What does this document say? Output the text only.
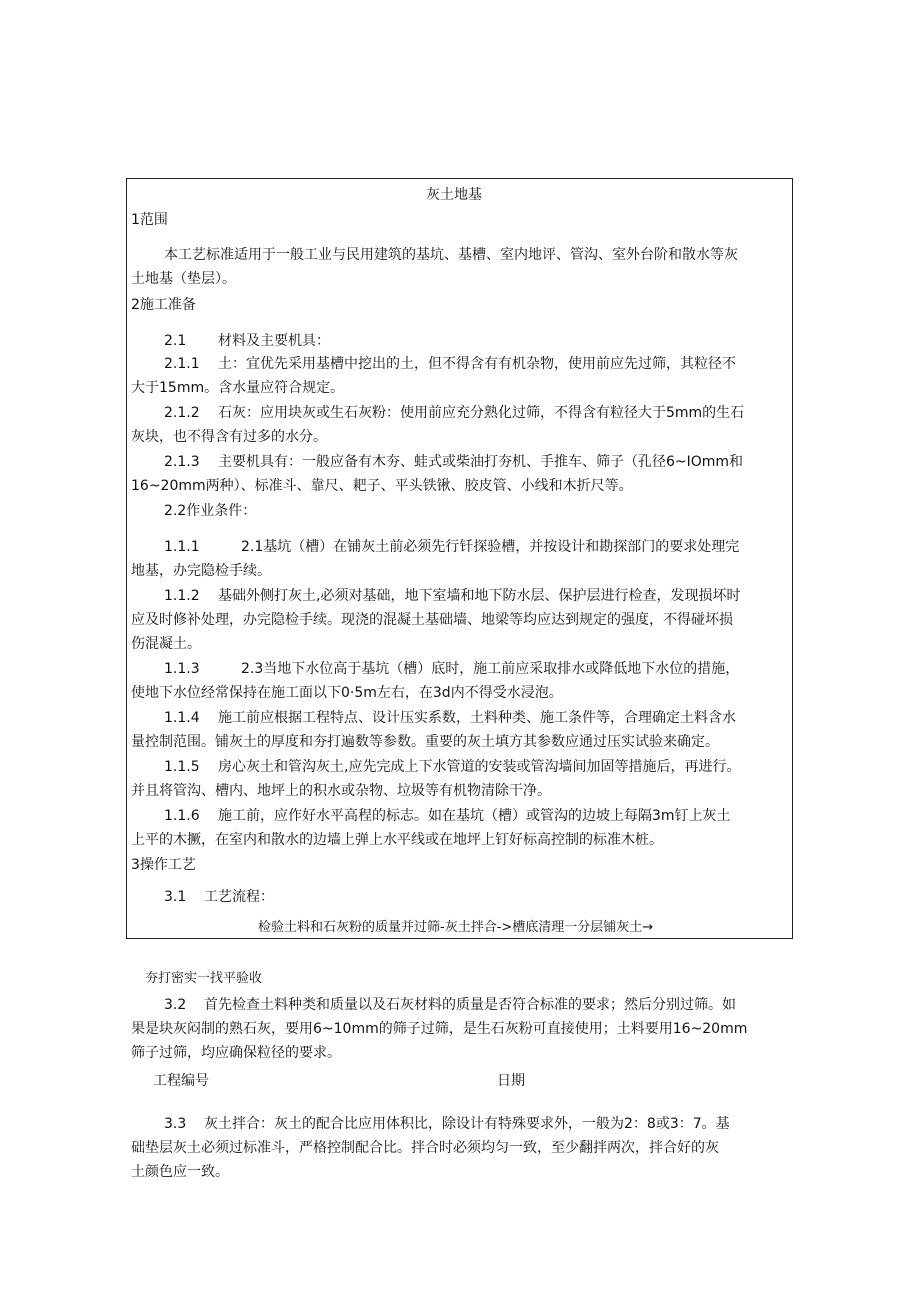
灰土地基
1范围
本工艺标准适用于一般工业与民用建筑的基坑、基槽、室内地评、管沟、室外台阶和散水等灰
土地基（垫层）。
2施工准备
2.1 材料及主要机具：
2.1.1 土：宜优先采用基槽中挖出的土，但不得含有有机杂物，使用前应先过筛，其粒径不
大于15mm。含水量应符合规定。
2.1.2 石灰：应用块灰或生石灰粉：使用前应充分熟化过筛，不得含有粒径大于5mm的生石
灰块，也不得含有过多的水分。
2.1.3 主要机具有：一般应备有木夯、蛙式或柴油打夯机、手推车、筛子（孔径6~IOmm和
16~20mm两种）、标准斗、靠尺、耙子、平头铁锹、胶皮管、小线和木折尺等。
2.2作业条件：
1.1.1	2.1基坑（槽）在铺灰土前必须先行钎探验槽，并按设计和勘探部门的要求处理完
地基，办完隐检手续。
1.1.2 基础外侧打灰土,必须对基础，地下室墙和地下防水层、保护层进行检查，发现损坏时
应及时修补处理，办完隐检手续。现浇的混凝土基础墙、地梁等均应达到规定的强度，不得碰坏损
伤混凝土。
1.1.3	2.3当地下水位高于基坑（槽）底时，施工前应采取排水或降低地下水位的措施，
使地下水位经常保持在施工面以下0·5m左右，在3d内不得受水浸泡。
1.1.4 施工前应根据工程特点、设计压实系数，土料种类、施工条件等，合理确定土料含水
量控制范围。铺灰土的厚度和夯打遍数等参数。重要的灰土填方其参数应通过压实试验来确定。
1.1.5 房心灰土和管沟灰土,应先完成上下水管道的安装或管沟墙间加固等措施后，再进行。
并且将管沟、槽内、地坪上的积水或杂物、垃圾等有机物清除干净。
1.1.6 施工前，应作好水平高程的标志。如在基坑（槽）或管沟的边坡上每隔3m钉上灰土
上平的木撅，在室内和散水的边墙上弹上水平线或在地坪上钉好标高控制的标准木桩。
3操作工艺
3.1 工艺流程：
检验土料和石灰粉的质量并过筛-灰土拌合->槽底清理一分层铺灰土→
夯打密实一找平验收
3.2 首先检查土料种类和质量以及石灰材料的质量是否符合标准的要求；然后分别过筛。如
果是块灰闷制的熟石灰，要用6~10mm的筛子过筛，是生石灰粉可直接使用；土料要用16~20mm
筛子过筛，均应确保粒径的要求。
工程编号	日期
3.3 灰土拌合：灰土的配合比应用体积比，除设计有特殊要求外，一般为2：8或3：7。基
础垫层灰土必须过标准斗，严格控制配合比。拌合时必须均匀一致，至少翻拌两次，拌合好的灰
土颜色应一致。
